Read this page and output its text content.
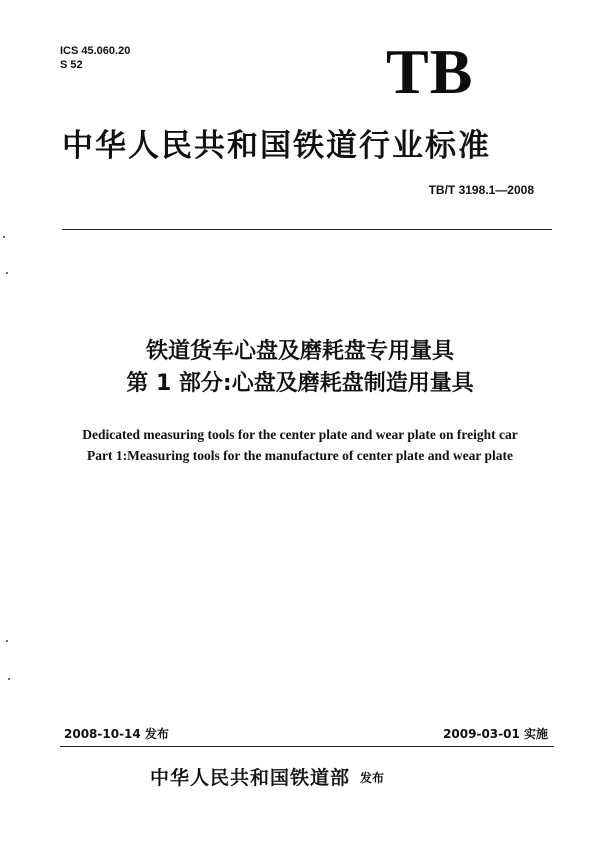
ICS 45.060.20
S 52	TB
中华人民共和国铁道行业标准
TB/T 3198.1—2008
铁道货车心盘及磨耗盘专用量具
第 1 部分:心盘及磨耗盘制造用量具
Dedicated measuring tools for the center plate and wear plate on freight car
Part 1:Measuring tools for the manufacture of center plate and wear plate
2008-10-14 发布	2009-03-01 实施
中华人民共和国铁道部 发布
